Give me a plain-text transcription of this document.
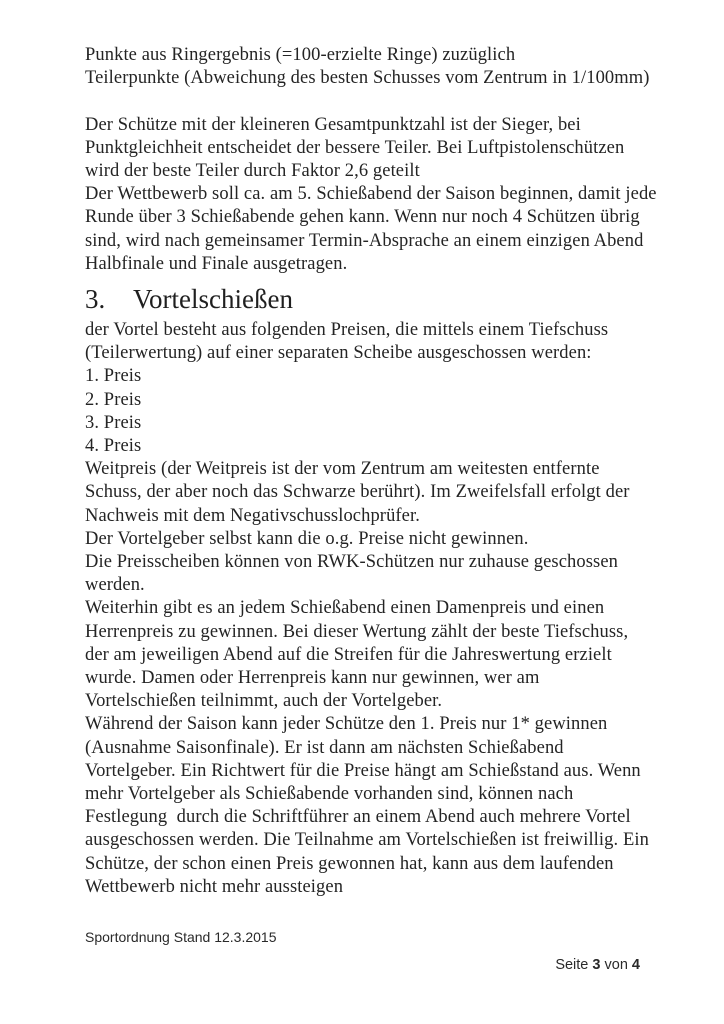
Punkte aus Ringergebnis (=100-erzielte Ringe) zuzüglich
Teilerpunkte (Abweichung des besten Schusses vom Zentrum in 1/100mm)
Der Schütze mit der kleineren Gesamtpunktzahl ist der Sieger, bei
Punktgleichheit entscheidet der bessere Teiler. Bei Luftpistolenschützen
wird der beste Teiler durch Faktor 2,6 geteilt
Der Wettbewerb soll ca. am 5. Schießabend der Saison beginnen, damit jede
Runde über 3 Schießabende gehen kann. Wenn nur noch 4 Schützen übrig
sind, wird nach gemeinsamer Termin-Absprache an einem einzigen Abend
Halbfinale und Finale ausgetragen.
3. Vortelschießen
der Vortel besteht aus folgenden Preisen, die mittels einem Tiefschuss
(Teilerwertung) auf einer separaten Scheibe ausgeschossen werden:
1. Preis
2. Preis
3. Preis
4. Preis
Weitpreis (der Weitpreis ist der vom Zentrum am weitesten entfernte
Schuss, der aber noch das Schwarze berührt). Im Zweifelsfall erfolgt der
Nachweis mit dem Negativschusslochprüfer.
Der Vortelgeber selbst kann die o.g. Preise nicht gewinnen.
Die Preisscheiben können von RWK-Schützen nur zuhause geschossen
werden.
Weiterhin gibt es an jedem Schießabend einen Damenpreis und einen
Herrenpreis zu gewinnen. Bei dieser Wertung zählt der beste Tiefschuss,
der am jeweiligen Abend auf die Streifen für die Jahreswertung erzielt
wurde. Damen oder Herrenpreis kann nur gewinnen, wer am
Vortelschießen teilnimmt, auch der Vortelgeber.
Während der Saison kann jeder Schütze den 1. Preis nur 1* gewinnen
(Ausnahme Saisonfinale). Er ist dann am nächsten Schießabend
Vortelgeber. Ein Richtwert für die Preise hängt am Schießstand aus. Wenn
mehr Vortelgeber als Schießabende vorhanden sind, können nach
Festlegung  durch die Schriftführer an einem Abend auch mehrere Vortel
ausgeschossen werden. Die Teilnahme am Vortelschießen ist freiwillig. Ein
Schütze, der schon einen Preis gewonnen hat, kann aus dem laufenden
Wettbewerb nicht mehr aussteigen
Sportordnung Stand 12.3.2015
Seite 3 von 4
